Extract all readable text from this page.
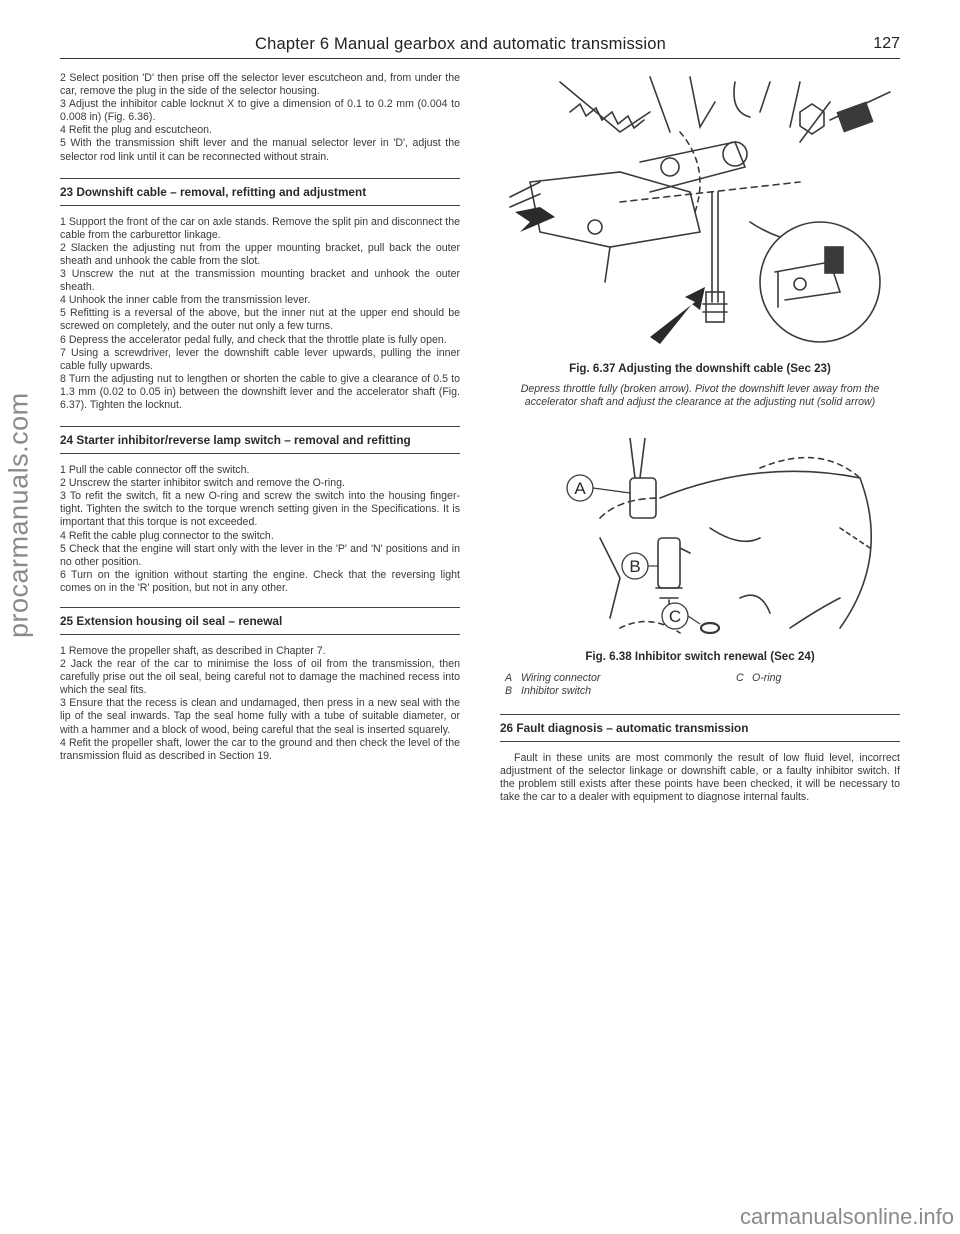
procarmanuals.com
carmanualsonline.info
Chapter 6 Manual gearbox and automatic transmission	127

2 Select position 'D' then prise off the selector lever escutcheon and, from under the car, remove the plug in the side of the selector housing.

3 Adjust the inhibitor cable locknut X to give a dimension of 0.1 to 0.2 mm (0.004 to 0.008 in) (Fig. 6.36).

4 Refit the plug and escutcheon.

5 With the transmission shift lever and the manual selector lever in 'D', adjust the selector rod link until it can be reconnected without strain.

23 Downshift cable – removal, refitting and adjustment

1 Support the front of the car on axle stands. Remove the split pin and disconnect the cable from the carburettor linkage.

2 Slacken the adjusting nut from the upper mounting bracket, pull back the outer sheath and unhook the cable from the slot.

3 Unscrew the nut at the transmission mounting bracket and unhook the outer sheath.

4 Unhook the inner cable from the transmission lever.

5 Refitting is a reversal of the above, but the inner nut at the upper end should be screwed on completely, and the outer nut only a few turns.

6 Depress the accelerator pedal fully, and check that the throttle plate is fully open.

7 Using a screwdriver, lever the downshift cable lever upwards, pulling the inner cable fully upwards.

8 Turn the adjusting nut to lengthen or shorten the cable to give a clearance of 0.5 to 1.3 mm (0.02 to 0.05 in) between the downshift lever and the accelerator shaft (Fig. 6.37). Tighten the locknut.

24 Starter inhibitor/reverse lamp switch – removal and refitting

1 Pull the cable connector off the switch.

2 Unscrew the starter inhibitor switch and remove the O-ring.

3 To refit the switch, fit a new O-ring and screw the switch into the housing finger-tight. Tighten the switch to the torque wrench setting given in the Specifications. It is important that this torque is not exceeded.

4 Refit the cable plug connector to the switch.

5 Check that the engine will start only with the lever in the 'P' and 'N' positions and in no other position.

6 Turn on the ignition without starting the engine. Check that the reversing light comes on in the 'R' position, but not in any other.

25 Extension housing oil seal – renewal

1 Remove the propeller shaft, as described in Chapter 7.

2 Jack the rear of the car to minimise the loss of oil from the transmission, then carefully prise out the oil seal, being careful not to damage the machined recess into which the seal fits.

3 Ensure that the recess is clean and undamaged, then press in a new seal with the lip of the seal inwards. Tap the seal home fully with a tube of suitable diameter, or with a hammer and a block of wood, being careful that the seal is inserted squarely.

4 Refit the propeller shaft, lower the car to the ground and then check the level of the transmission fluid as described in Section 19.

Fig. 6.37 Adjusting the downshift cable (Sec 23)
Depress throttle fully (broken arrow). Pivot the downshift lever away from the accelerator shaft and adjust the clearance at the adjusting nut (solid arrow)
A
B
C
Fig. 6.38 Inhibitor switch renewal (Sec 24)
A Wiring connector	C O-ring
B Inhibitor switch
26 Fault diagnosis – automatic transmission

Fault in these units are most commonly the result of low fluid level, incorrect adjustment of the selector linkage or downshift cable, or a faulty inhibitor switch. If the problem still exists after these points have been checked, it will be necessary to take the car to a dealer with equipment to diagnose internal faults.
